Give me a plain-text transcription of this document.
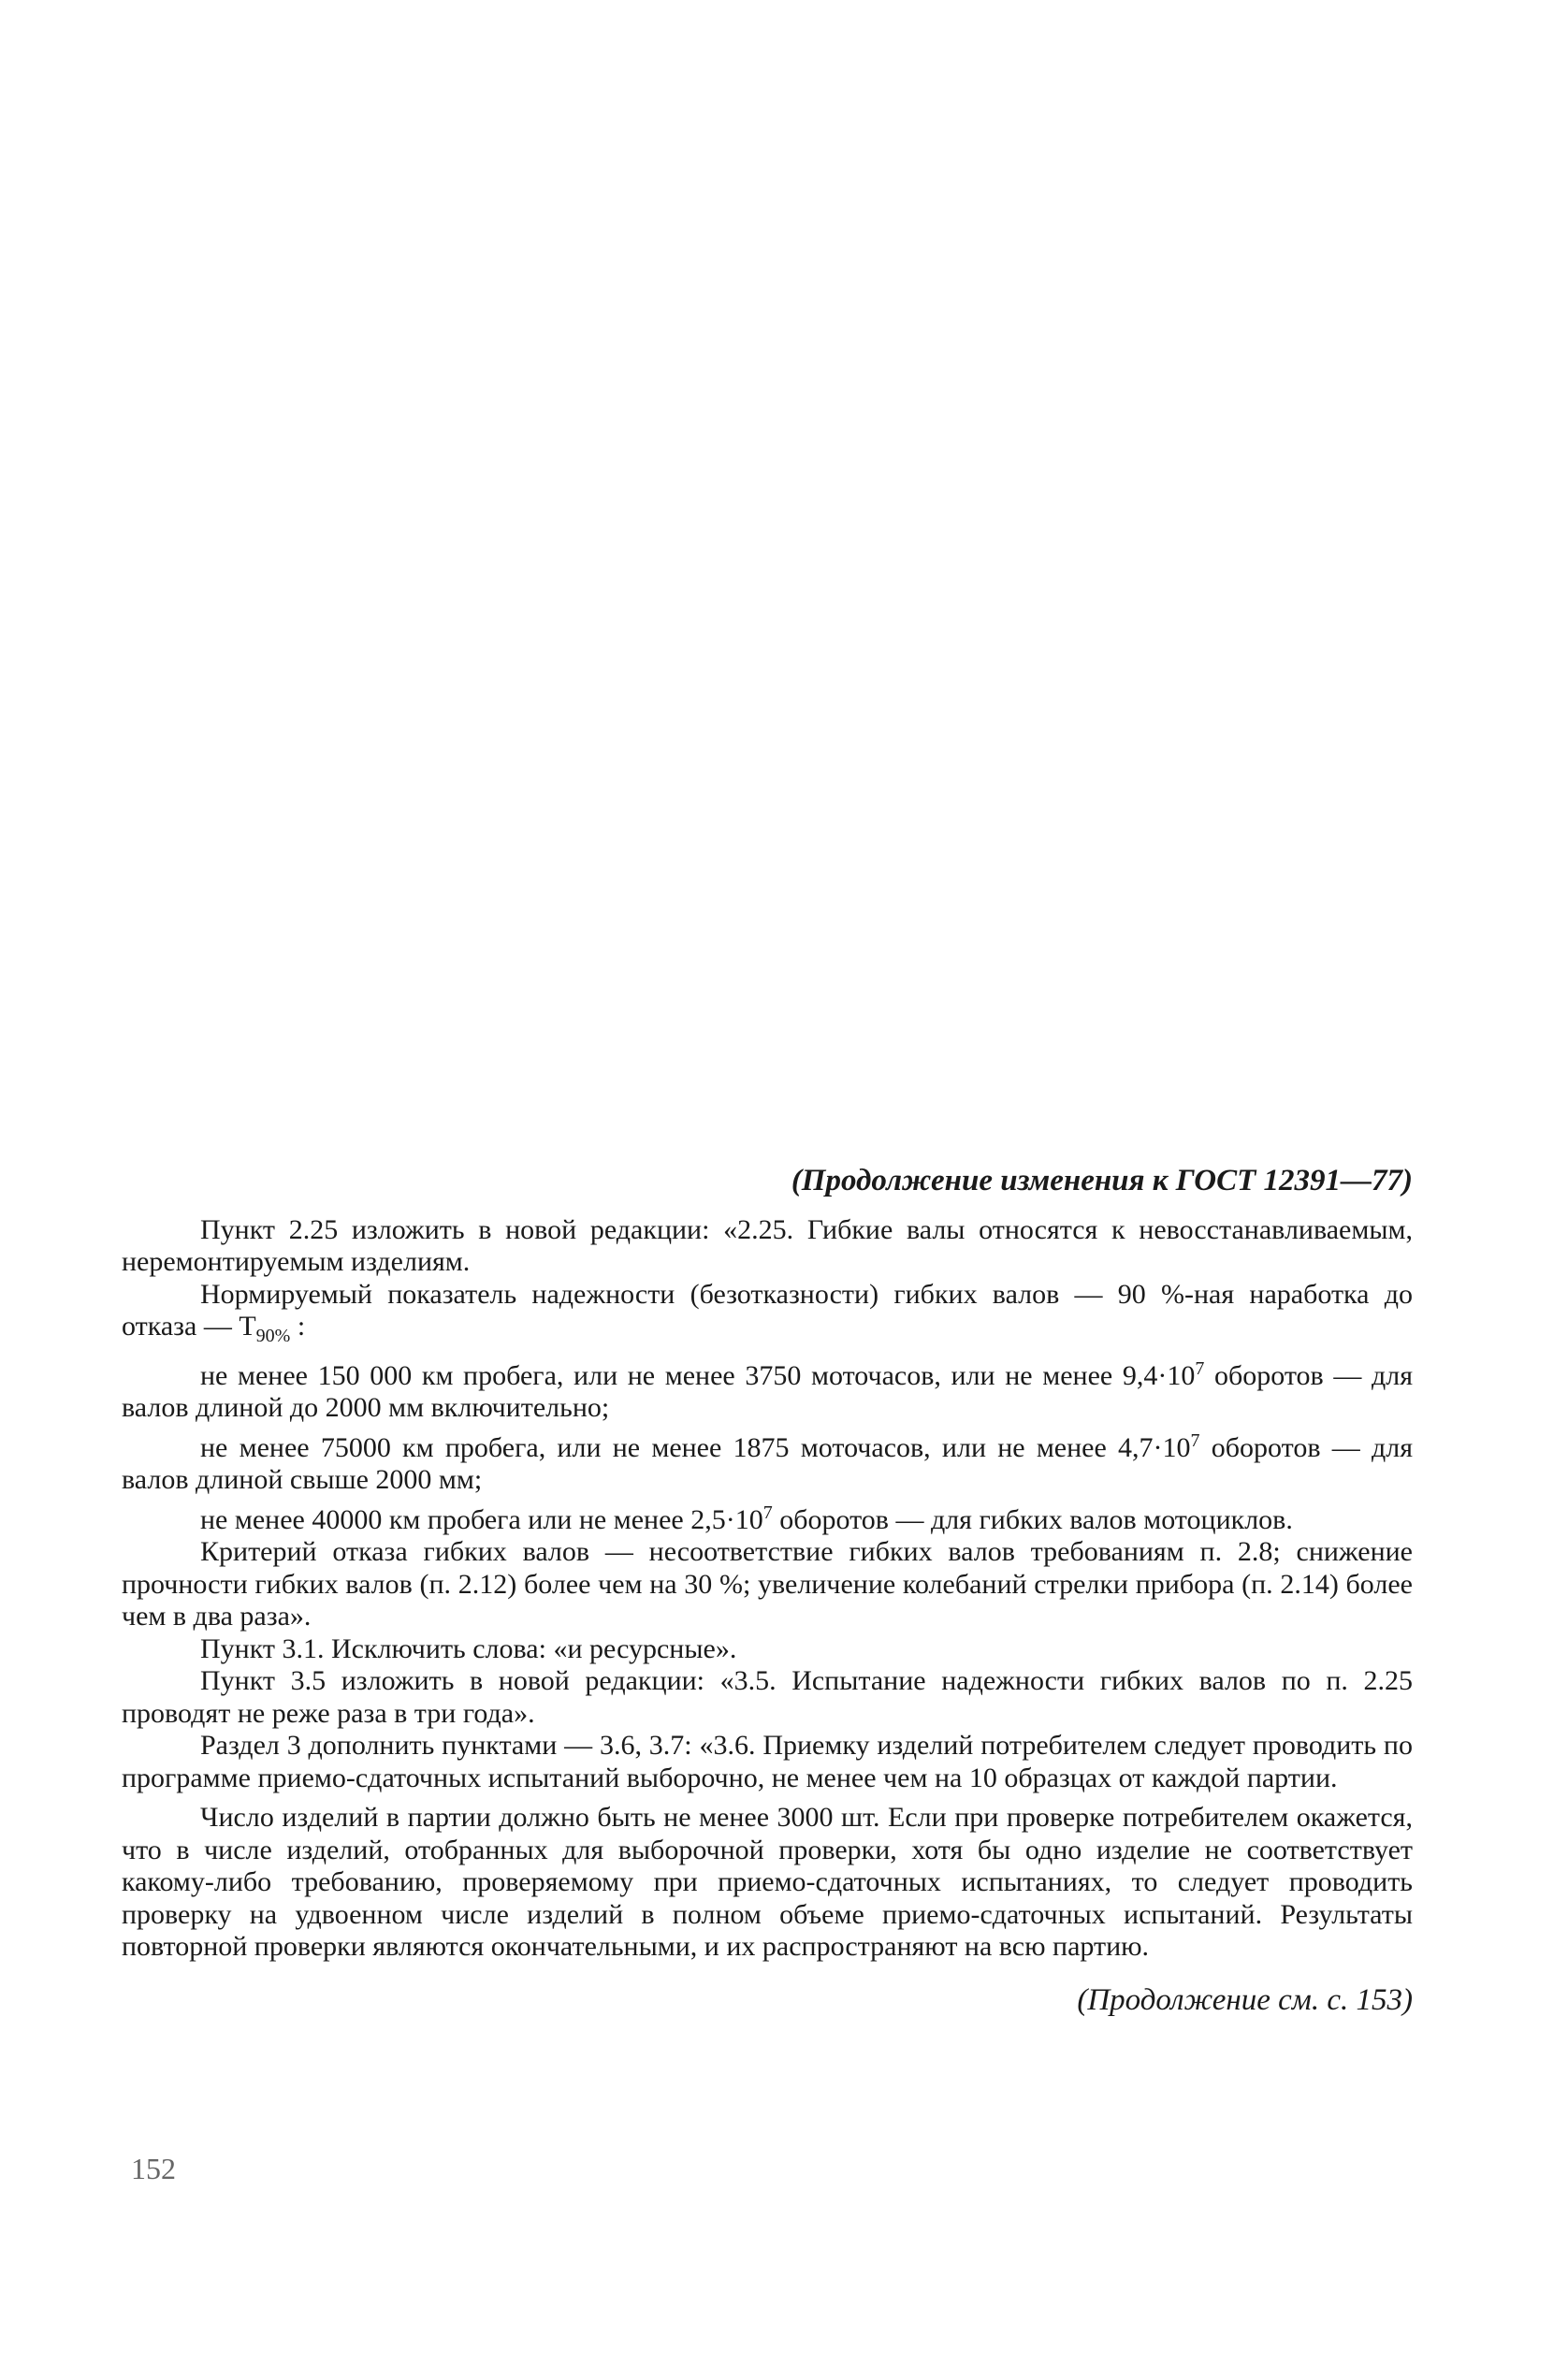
(Продолжение изменения к ГОСТ 12391—77)

Пункт 2.25 изложить в новой редакции: «2.25. Гибкие валы относятся к невосстанавливаемым, неремонтируемым изделиям.

Нормируемый показатель надежности (безотказности) гибких валов — 90 %-ная наработка до отказа — $T_{90\%}$ :

не менее 150 000 км пробега, или не менее 3750 моточасов, или не менее $9,4\cdot 10^7$ оборотов — для валов длиной до 2000 мм включительно;

не менее 75000 км пробега, или не менее 1875 моточасов, или не менее $4,7\cdot 10^7$ оборотов — для валов длиной свыше 2000 мм;

не менее 40000 км пробега или не менее $2,5\cdot 10^7$ оборотов — для гибких валов мотоциклов.

Критерий отказа гибких валов — несоответствие гибких валов требованиям п. 2.8; снижение прочности гибких валов (п. 2.12) более чем на 30 %; увеличение колебаний стрелки прибора (п. 2.14) более чем в два раза».

Пункт 3.1. Исключить слова: «и ресурсные».

Пункт 3.5 изложить в новой редакции: «3.5. Испытание надежности гибких валов по п. 2.25 проводят не реже раза в три года».

Раздел 3 дополнить пунктами — 3.6, 3.7: «3.6. Приемку изделий потребителем следует проводить по программе приемо-сдаточных испытаний выборочно, не менее чем на 10 образцах от каждой партии.

Число изделий в партии должно быть не менее 3000 шт. Если при проверке потребителем окажется, что в числе изделий, отобранных для выборочной проверки, хотя бы одно изделие не соответствует какому-либо требованию, проверяемому при приемо-сдаточных испытаниях, то следует проводить проверку на удвоенном числе изделий в полном объеме приемо-сдаточных испытаний. Результаты повторной проверки являются окончательными, и их распространяют на всю партию.

(Продолжение см. с. 153)
152
